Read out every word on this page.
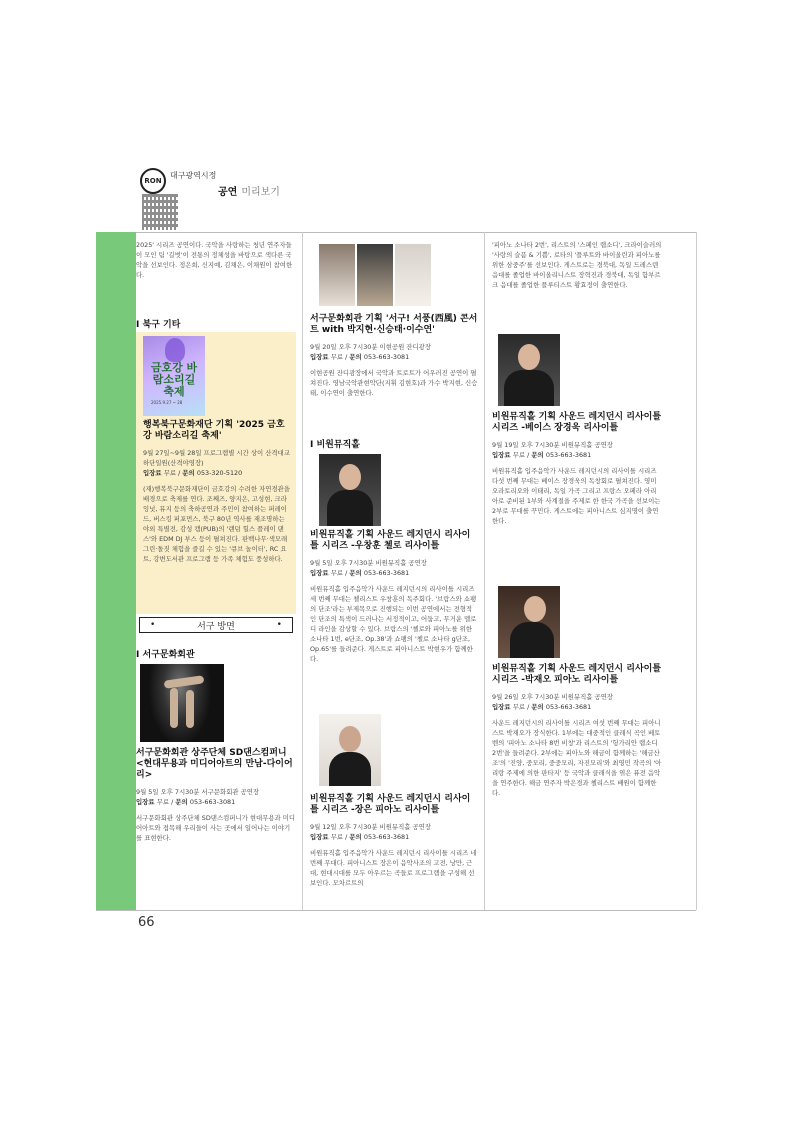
RON
대구광역시정
공연 미리보기

2025' 시리즈 공연이다. 국악을 사랑하는 청년 연주자들이 모인 팀 '길벗'이 전통의 정체성을 바탕으로 색다른 국악을 선보인다. 정은희, 신지예, 김채은, 이채원이 참여한다.

I 북구 기타
금호강 바람소리길 축제
2025.9.27 ~ 28

행복북구문화재단 기획 '2025 금호강 바람소리길 축제'

9월 27일~9월 28일 프로그램별 시간 상이 산격대교 하단일원(산격야영장)

입장료 무료 / 문의 053-320-5120

(재)행복북구문화재단이 금호강의 수려한 자연경관을 배경으로 축제를 연다. 조째즈, 양지은, 고성현, 크라잉넛, 뮤지 등의 축하공연과 주민이 참여하는 퍼레이드, 버스킹 퍼포먼스, 북구 80년 역사를 재조명하는 야외 특별전, 감성 캠(PUB)의 '랜덤 힐스 플레이 댄스'와 EDM DJ 부스 등이 펼쳐진다. 판백나무·색모래그린·돌짓 체험을 즐길 수 있는 '큐브 놀이터', RC 요트, 강변도서관 프로그램 등 가족 체험도 풍성하다.

•	서구 방면	•
I 서구문화회관

서구문화회관 상주단체 SD댄스컴퍼니 <현대무용과 미디어아트의 만남-다이어리>

9월 5일 오후 7시30분 서구문화회관 공연장

입장료 무료 / 문의 053-663-3081

서구문화회관 상주단체 SD댄스컴퍼니가 현대무용과 미디어아트와 접목해 우리들이 사는 곳에서 일어나는 이야기를 표현한다.

서구문화회관 기획 '서구! 서풍(西風) 콘서트 with 박지현·신승태·이수연'

9월 20일 오후 7시30분 이현공원 잔디광장

입장료 무료 / 문의 053-663-3081

이현공원 잔디광장에서 국악과 트로트가 어우러진 공연이 펼쳐진다. 영남국악관현악단(지휘 김현호)과 가수 박지현, 신승태, 이수연이 출연한다.

I 비원뮤직홀

비원뮤직홀 기획 사운드 레지던시 리사이틀 시리즈 -우창훈 첼로 리사이틀

9월 5일 오후 7시30분 비원뮤직홀 공연장

입장료 무료 / 문의 053-663-3681

비원뮤직홀 입주음악가 사운드 레지던시의 리사이틀 시리즈 세 번째 무대는 첼리스트 우창훈의 독주회다. '브람스와 쇼팽의 단조'라는 부제목으로 진행되는 이번 공연에서는 전형적인 단조의 특색이 드러나는 서정적이고, 어둡고, 무거운 멜로디 라인을 감상할 수 있다. 브람스의 '첼로와 피아노를 위한 소나타 1번, e단조, Op.38'과 쇼팽의 '첼로 소나타 g단조, Op.65'를 들려준다. 게스트로 피아니스트 박현우가 함께한다.

비원뮤직홀 기획 사운드 레지던시 리사이틀 시리즈 -장은 피아노 리사이틀

9월 12일 오후 7시30분 비원뮤직홀 공연장

입장료 무료 / 문의 053-663-3681

비원뮤직홀 입주음악가 사운드 레지던시 리사이틀 시리즈 네 번째 무대다. 피아니스트 장은이 음악사조의 고전, 낭만, 근대, 현대시대를 모두 아우르는 곡들로 프로그램을 구성해 선보인다. 모차르트의

'피아노 소나타 2번', 리스트의 '스페인 랩소디', 크라이슬러의 '사랑의 슬픔 & 기쁨', 로타의 '플루트와 바이올린과 피아노를 위한 삼중주'를 선보인다. 게스트로는 경북대, 독일 드레스덴 음대를 졸업한 바이올리니스트 장혁진과 경북대, 독일 함부르크 음대를 졸업한 플루티스트 황효정이 출연한다.

비원뮤직홀 기획 사운드 레지던시 리사이틀 시리즈 -베이스 장경욱 리사이틀

9월 19일 오후 7시30분 비원뮤직홀 공연장

입장료 무료 / 문의 053-663-3681

비원뮤직홀 입주음악가 사운드 레지던시의 리사이틀 시리즈 다섯 번째 무대는 베이스 장경욱의 독창회로 펼쳐진다. 영미 오라토리오와 이태리, 독일 가곡 그리고 프랑스 오페라 아리아로 준비된 1부와 사계절을 주제로 한 한국 가곡을 선보이는 2부로 무대를 꾸민다. 게스트에는 피아니스트 심지명이 출연한다.

비원뮤직홀 기획 사운드 레지던시 리사이틀 시리즈 -박재오 피아노 리사이틀

9월 26일 오후 7시30분 비원뮤직홀 공연장

입장료 무료 / 문의 053-663-3681

사운드 레지던시의 리사이틀 시리즈 여섯 번째 무대는 피아니스트 박재오가 장식한다. 1부에는 대중적인 클래식 곡인 베토벤의 '피아노 소나타 8번 비창'과 리스트의 '헝가리안 랩소디 2번'을 들려준다. 2부에는 피아노와 해금이 함께하는 '해금산조'의 '진양, 중모리, 중중모리, 자진모리'와 최영민 작곡의 '아리랑 주제에 의한 판타지' 등 국악과 클래식을 엮은 퓨전 음악을 연주한다. 해금 연주자 박은경과 첼리스트 배원이 함께한다.

66
